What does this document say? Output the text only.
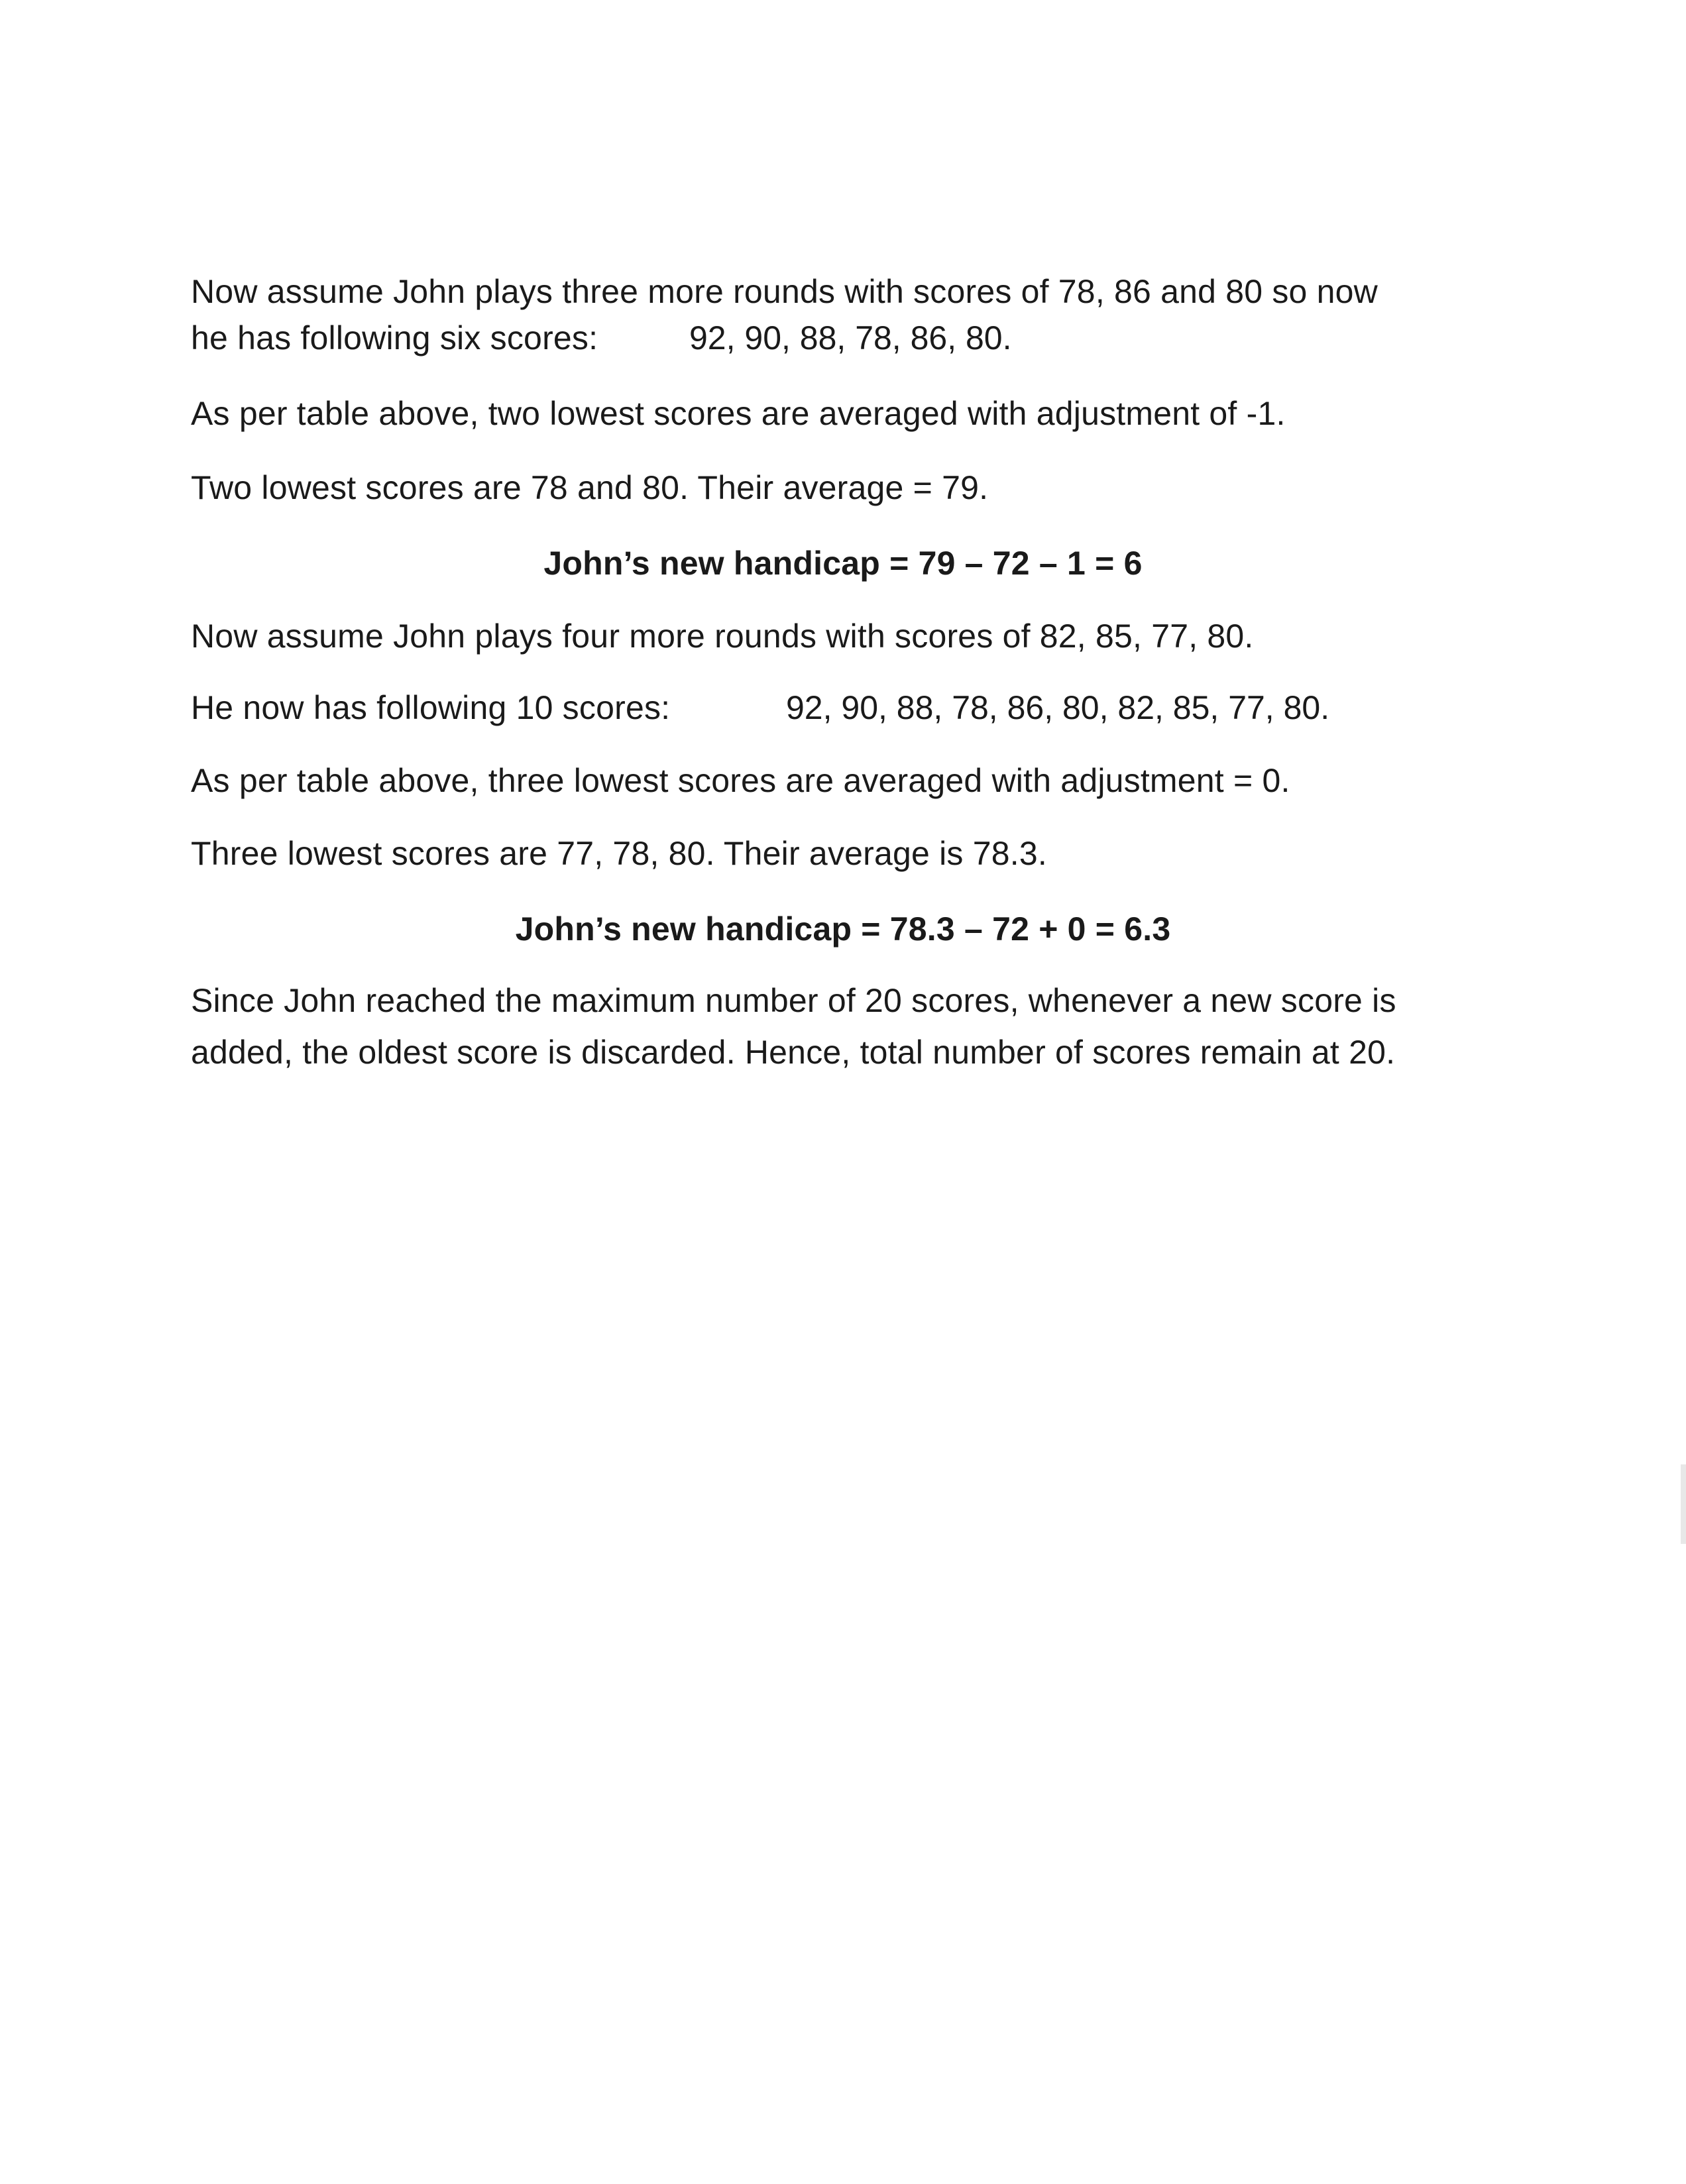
Now assume John plays three more rounds with scores of 78, 86 and 80 so now
he has following six scores:	92, 90, 88, 78, 86, 80.
As per table above, two lowest scores are averaged with adjustment of -1.
Two lowest scores are 78 and 80. Their average = 79.
John’s new handicap = 79 – 72 – 1 = 6
Now assume John plays four more rounds with scores of 82, 85, 77, 80.
He now has following 10 scores:	92, 90, 88, 78, 86, 80, 82, 85, 77, 80.
As per table above, three lowest scores are averaged with adjustment = 0.
Three lowest scores are 77, 78, 80. Their average is 78.3.
John’s new handicap = 78.3 – 72 + 0 = 6.3
Since John reached the maximum number of 20 scores, whenever a new score is
added, the oldest score is discarded. Hence, total number of scores remain at 20.
